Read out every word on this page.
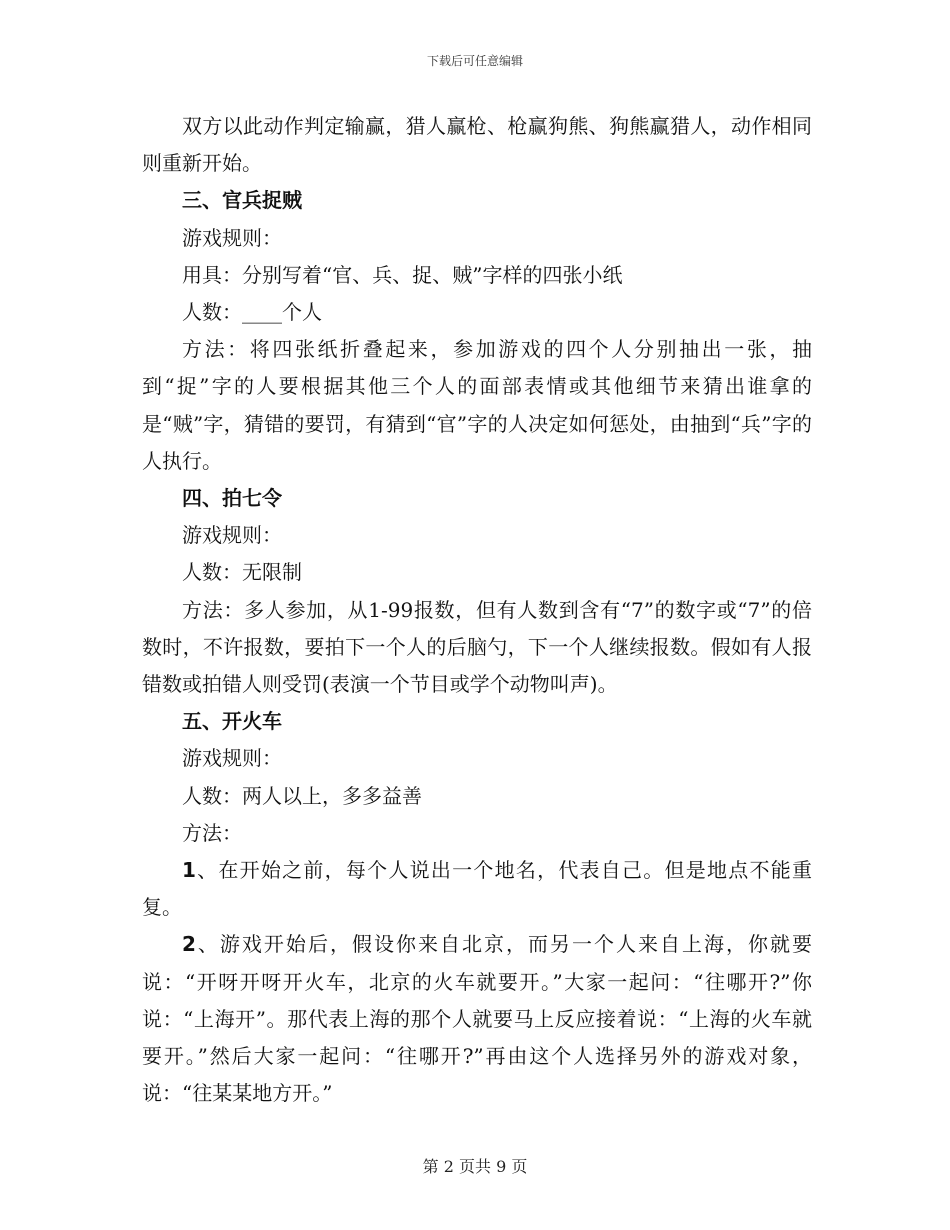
下载后可任意编辑

双方以此动作判定输赢，猎人赢枪、枪赢狗熊、狗熊赢猎人，动作相同则重新开始。

三、官兵捉贼

游戏规则：

用具：分别写着“官、兵、捉、贼”字样的四张小纸

人数：____个人

方法：将四张纸折叠起来，参加游戏的四个人分别抽出一张，抽到“捉”字的人要根据其他三个人的面部表情或其他细节来猜出谁拿的是“贼”字，猜错的要罚，有猜到“官”字的人决定如何惩处，由抽到“兵”字的人执行。

四、拍七令

游戏规则：

人数：无限制

方法：多人参加，从1-99报数，但有人数到含有“7”的数字或“7”的倍数时，不许报数，要拍下一个人的后脑勺，下一个人继续报数。假如有人报错数或拍错人则受罚(表演一个节目或学个动物叫声)。

五、开火车

游戏规则：

人数：两人以上，多多益善

方法：

1、在开始之前，每个人说出一个地名，代表自己。但是地点不能重复。

2、游戏开始后，假设你来自北京，而另一个人来自上海，你就要说：“开呀开呀开火车，北京的火车就要开。”大家一起问：“往哪开?”你说：“上海开”。那代表上海的那个人就要马上反应接着说：“上海的火车就要开。”然后大家一起问：“往哪开?”再由这个人选择另外的游戏对象，说：“往某某地方开。”

第 2 页共 9 页
